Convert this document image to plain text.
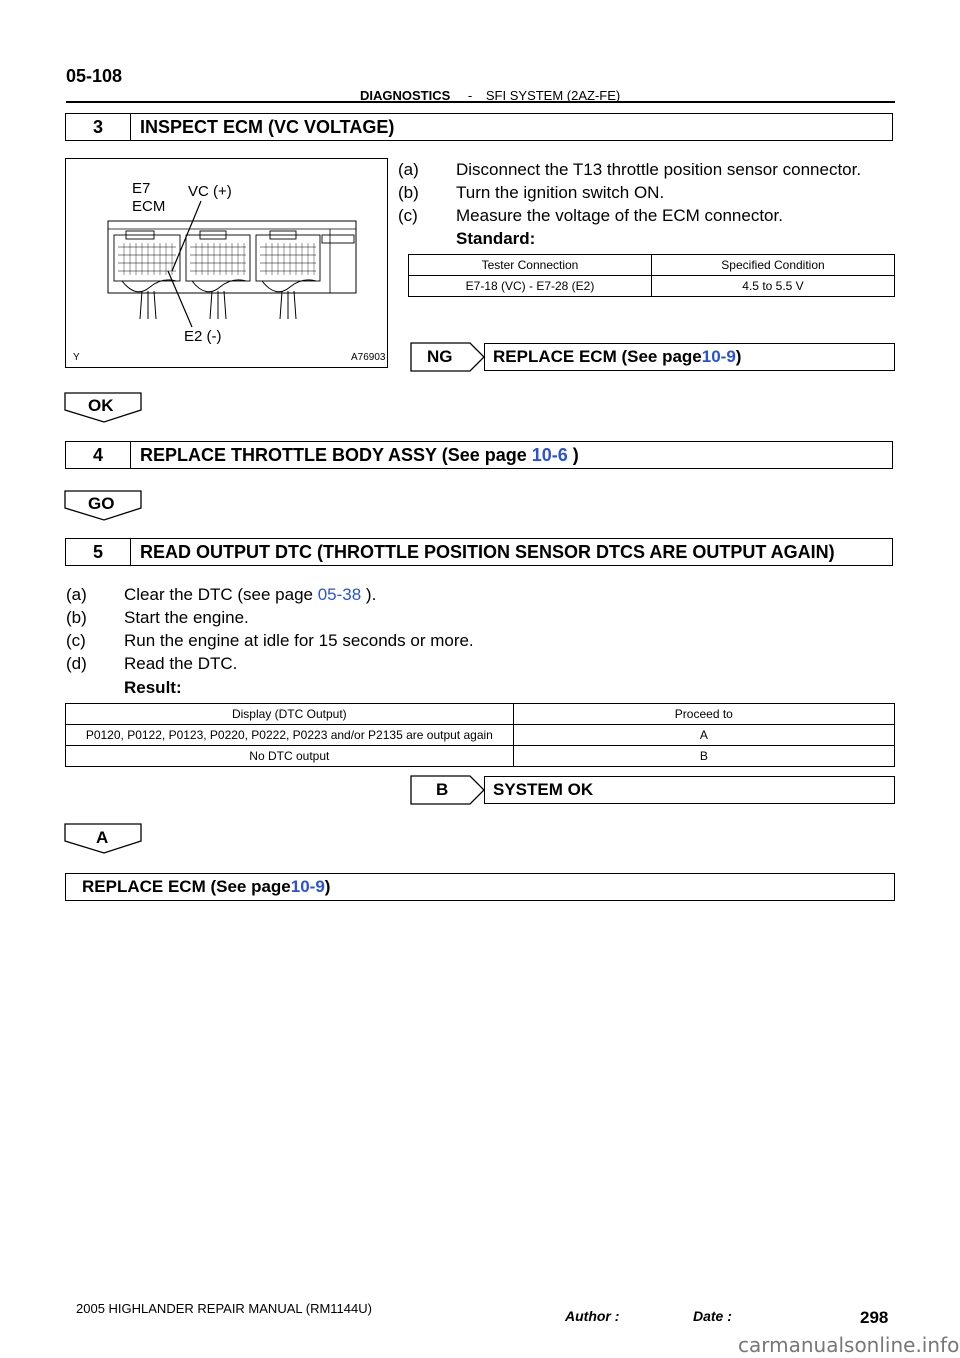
05-108
DIAGNOSTICS - SFI SYSTEM (2AZ-FE)
3	INSPECT ECM (VC VOLTAGE)
E7
ECM
VC (+)
E2 (-)
Y	A76903
(a) Disconnect the T13 throttle position sensor connector.
(b) Turn the ignition switch ON.
(c) Measure the voltage of the ECM connector.
Standard:
Tester Connection	Specified Condition
E7-18 (VC) - E7-28 (E2)	4.5 to 5.5 V
NG REPLACE ECM (See page 10-9 )
OK
4	REPLACE THROTTLE BODY ASSY (See page 10-6 )
GO
5	READ OUTPUT DTC (THROTTLE POSITION SENSOR DTCS ARE OUTPUT AGAIN)
(a) Clear the DTC (see page 05-38 ).
(b) Start the engine.
(c) Run the engine at idle for 15 seconds or more.
(d) Read the DTC.
Result:
Display (DTC Output)	Proceed to
P0120, P0122, P0123, P0220, P0222, P0223 and/or P2135 are output again	A
No DTC output	B
B	SYSTEM OK
A
REPLACE ECM (See page 10-9 )
2005 HIGHLANDER REPAIR MANUAL (RM1144U)	Author :	Date :	298
carmanualsonline.info
